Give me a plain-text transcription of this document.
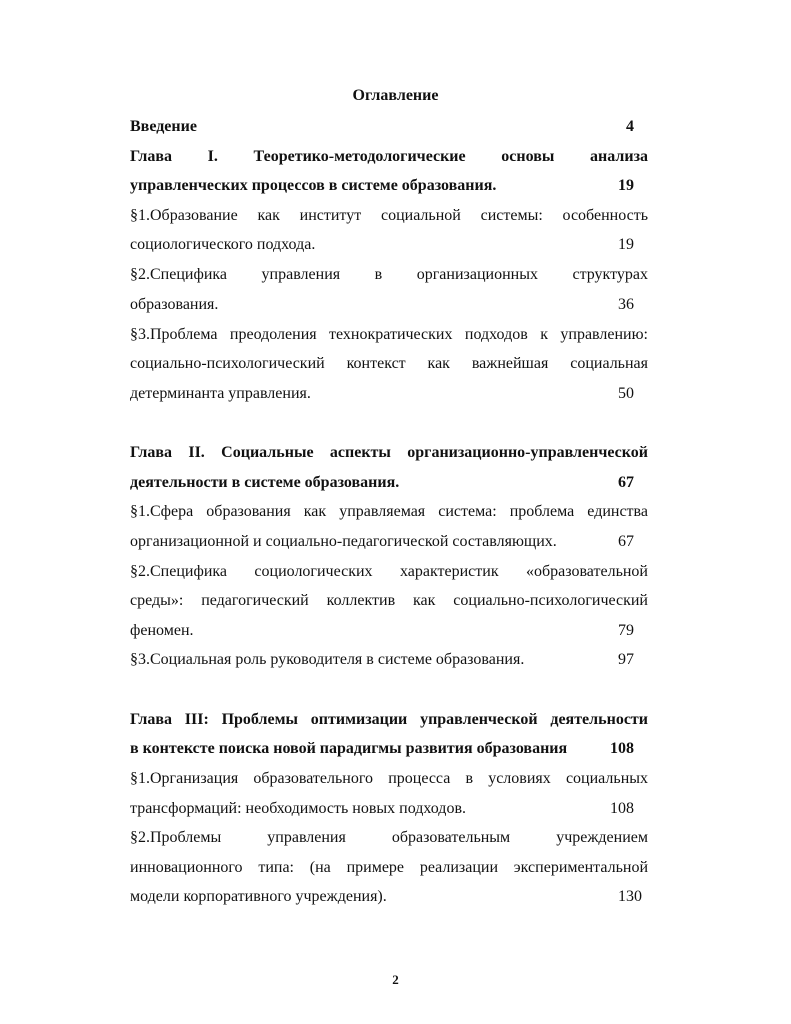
Оглавление
Введение	4
Глава I. Теоретико-методологические основы анализа
управленческих процессов в системе образования.	19
§1.Образование как институт социальной системы: особенность
социологического подхода.	19
§2.Специфика управления в организационных структурах
образования.	36
§3.Проблема преодоления технократических подходов к управлению:
социально-психологический контекст как важнейшая социальная
детерминанта управления.	50
Глава II. Социальные аспекты организационно-управленческой
деятельности в системе образования.	67
§1.Сфера образования как управляемая система: проблема единства
организационной и социально-педагогической составляющих.	67
§2.Специфика социологических характеристик «образовательной
среды»: педагогический коллектив как социально-психологический
феномен.	79
§3.Социальная роль руководителя в системе образования.	97
Глава III: Проблемы оптимизации управленческой деятельности
в контексте поиска новой парадигмы развития образования	108
§1.Организация образовательного процесса в условиях социальных
трансформаций: необходимость новых подходов.	108
§2.Проблемы управления образовательным учреждением
инновационного типа: (на примере реализации экспериментальной
модели корпоративного учреждения).	130
2
